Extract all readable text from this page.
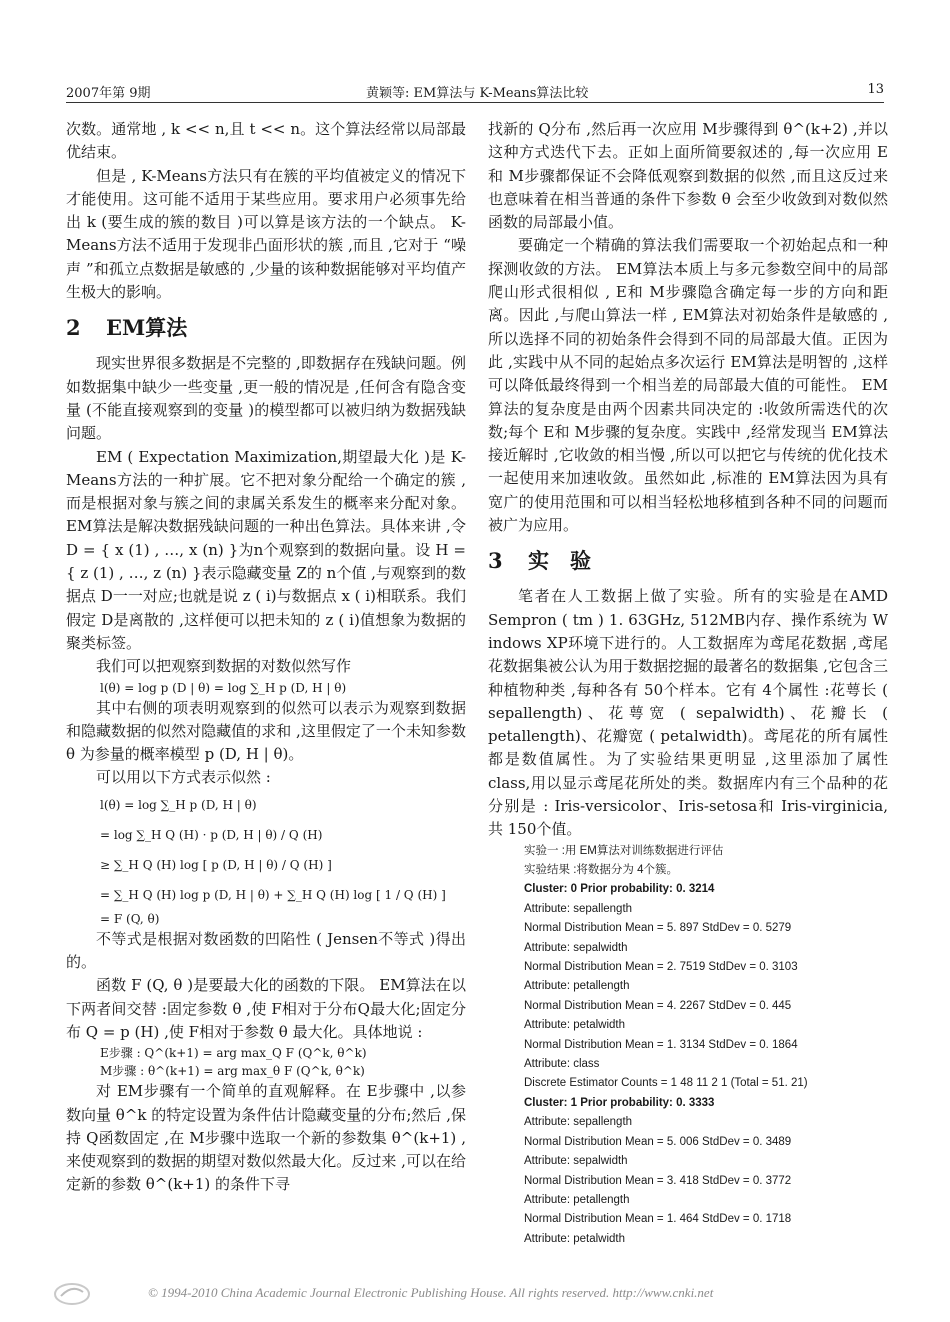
2007年第 9期	黄颖等: EM算法与 K-Means算法比较	13

次数。通常地 , k << n,且 t << n。这个算法经常以局部最优结束。

但是 , K-Means方法只有在簇的平均值被定义的情况下才能使用。这可能不适用于某些应用。要求用户必须事先给出 k (要生成的簇的数目 )可以算是该方法的一个缺点。 K-Means方法不适用于发现非凸面形状的簇 ,而且 ,它对于 “噪声 ”和孤立点数据是敏感的 ,少量的该种数据能够对平均值产生极大的影响。

2 EM算法

现实世界很多数据是不完整的 ,即数据存在残缺问题。例如数据集中缺少一些变量 ,更一般的情况是 ,任何含有隐含变量 (不能直接观察到的变量 )的模型都可以被归纳为数据残缺问题。

EM ( Expectation Maximization,期望最大化 )是 K-Means方法的一种扩展。它不把对象分配给一个确定的簇 ,而是根据对象与簇之间的隶属关系发生的概率来分配对象。 EM算法是解决数据残缺问题的一种出色算法。具体来讲 ,令 D = { x (1) , …, x (n) }为n个观察到的数据向量。设 H = { z (1) , …, z (n) }表示隐藏变量 Z的 n个值 ,与观察到的数据点 D一一对应;也就是说 z ( i)与数据点 x ( i)相联系。我们假定 D是离散的 ,这样便可以把未知的 z ( i)值想象为数据的聚类标签。

我们可以把观察到数据的对数似然写作

l(θ) = log p (D | θ) = log ∑_H p (D, H | θ)

其中右侧的项表明观察到的似然可以表示为观察到数据和隐藏数据的似然对隐藏值的求和 ,这里假定了一个未知参数 θ 为参量的概率模型 p (D, H | θ)。

可以用以下方式表示似然 :

l(θ) = log ∑_H p (D, H | θ)
= log ∑_H Q (H) · p (D, H | θ) / Q (H)
≥ ∑_H Q (H) log [ p (D, H | θ) / Q (H) ]
= ∑_H Q (H) log p (D, H | θ) + ∑_H Q (H) log [ 1 / Q (H) ]
= F (Q, θ)

不等式是根据对数函数的凹陷性 ( Jensen不等式 )得出的。

函数 F (Q, θ )是要最大化的函数的下限。 EM算法在以下两者间交替 :固定参数 θ ,使 F相对于分布Q最大化;固定分布 Q = p (H) ,使 F相对于参数 θ 最大化。具体地说 :

E步骤 : Q^(k+1) = arg max_Q F (Q^k, θ^k)
M步骤 : θ^(k+1) = arg max_θ F (Q^k, θ^k)

对 EM步骤有一个简单的直观解释。在 E步骤中 ,以参数向量 θ^k 的特定设置为条件估计隐藏变量的分布;然后 ,保持 Q函数固定 ,在 M步骤中选取一个新的参数集 θ^(k+1) ,来使观察到的数据的期望对数似然最大化。反过来 ,可以在给定新的参数 θ^(k+1) 的条件下寻

找新的 Q分布 ,然后再一次应用 M步骤得到 θ^(k+2) ,并以这种方式迭代下去。正如上面所简要叙述的 ,每一次应用 E和 M步骤都保证不会降低观察到数据的似然 ,而且这反过来也意味着在相当普通的条件下参数 θ 会至少收敛到对数似然函数的局部最小值。

要确定一个精确的算法我们需要取一个初始起点和一种探测收敛的方法。 EM算法本质上与多元参数空间中的局部爬山形式很相似 , E和 M步骤隐含确定每一步的方向和距离。因此 ,与爬山算法一样 , EM算法对初始条件是敏感的 ,所以选择不同的初始条件会得到不同的局部最大值。正因为此 ,实践中从不同的起始点多次运行 EM算法是明智的 ,这样可以降低最终得到一个相当差的局部最大值的可能性。 EM算法的复杂度是由两个因素共同决定的 :收敛所需迭代的次数;每个 E和 M步骤的复杂度。实践中 ,经常发现当 EM算法接近解时 ,它收敛的相当慢 ,所以可以把它与传统的优化技术一起使用来加速收敛。虽然如此 ,标准的 EM算法因为具有宽广的使用范围和可以相当轻松地移植到各种不同的问题而被广为应用。

3 实　验

笔者在人工数据上做了实验。所有的实验是在AMD Sempron ( tm ) 1. 63GHz, 512MB内存、操作系统为 W indows XP环境下进行的。人工数据库为鸢尾花数据 ,鸢尾花数据集被公认为用于数据挖掘的最著名的数据集 ,它包含三种植物种类 ,每种各有 50个样本。它有 4个属性 :花萼长 ( sepallength)、花萼宽 ( sepalwidth)、花瓣长 ( petallength)、花瓣宽 ( petalwidth)。鸢尾花的所有属性都是数值属性。为了实验结果更明显 ,这里添加了属性 class,用以显示鸢尾花所处的类。数据库内有三个品种的花分别是 : Iris-versicolor、Iris-setosa和 Iris-virginicia,共 150个值。

实验一 :用 EM算法对训练数据进行评估
实验结果 :将数据分为 4个簇。
Cluster: 0 Prior probability: 0. 3214
Attribute: sepallength
Normal Distribution Mean = 5. 897 StdDev = 0. 5279
Attribute: sepalwidth
Normal Distribution Mean = 2. 7519 StdDev = 0. 3103
Attribute: petallength
Normal Distribution Mean = 4. 2267 StdDev = 0. 445
Attribute: petalwidth
Normal Distribution Mean = 1. 3134 StdDev = 0. 1864
Attribute: class
Discrete Estimator Counts = 1 48 11 2 1 (Total = 51. 21)
Cluster: 1 Prior probability: 0. 3333
Attribute: sepallength
Normal Distribution Mean = 5. 006 StdDev = 0. 3489
Attribute: sepalwidth
Normal Distribution Mean = 3. 418 StdDev = 0. 3772
Attribute: petallength
Normal Distribution Mean = 1. 464 StdDev = 0. 1718
Attribute: petalwidth
© 1994-2010 China Academic Journal Electronic Publishing House. All rights reserved. http://www.cnki.net
